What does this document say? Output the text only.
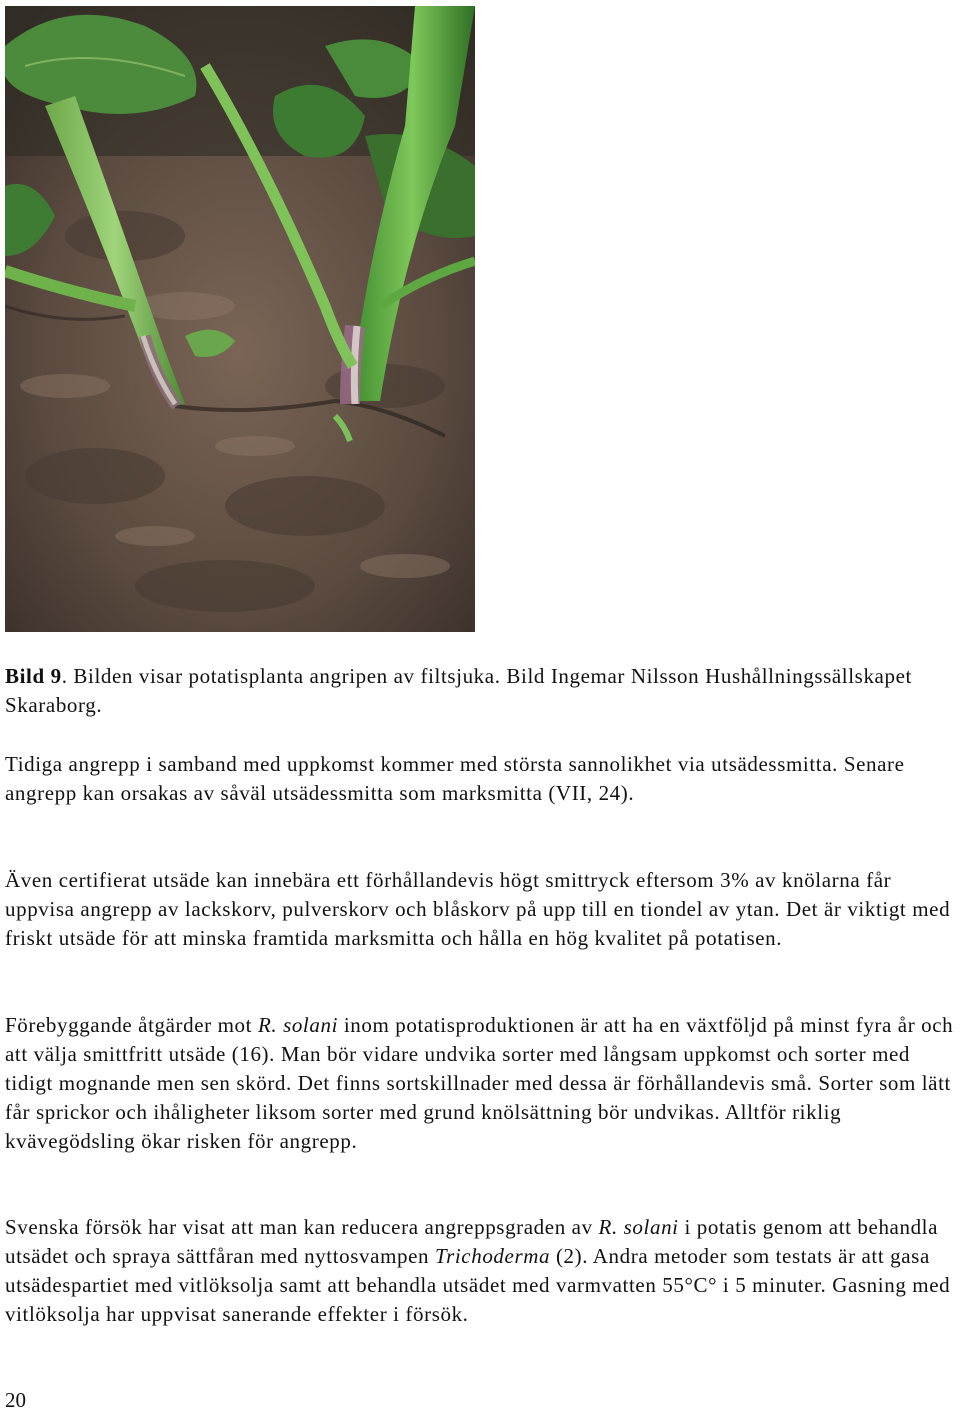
Bild 9. Bilden visar potatisplanta angripen av filtsjuka. Bild Ingemar Nilsson Hushållningssällskapet Skaraborg.

Tidiga angrepp i samband med uppkomst kommer med största sannolikhet via utsädessmitta. Senare angrepp kan orsakas av såväl utsädessmitta som marksmitta (VII, 24).

Även certifierat utsäde kan innebära ett förhållandevis högt smittryck eftersom 3% av knölarna får uppvisa angrepp av lackskorv, pulverskorv och blåskorv på upp till en tiondel av ytan. Det är viktigt med friskt utsäde för att minska framtida marksmitta och hålla en hög kvalitet på potatisen.

Förebyggande åtgärder mot R. solani inom potatisproduktionen är att ha en växtföljd på minst fyra år och att välja smittfritt utsäde (16). Man bör vidare undvika sorter med långsam uppkomst och sorter med tidigt mognande men sen skörd. Det finns sortskillnader med dessa är förhållandevis små. Sorter som lätt får sprickor och ihåligheter liksom sorter med grund knölsättning bör undvikas. Alltför riklig kvävegödsling ökar risken för angrepp.

Svenska försök har visat att man kan reducera angreppsgraden av R. solani i potatis genom att behandla utsädet och spraya sättfåran med nyttosvampen Trichoderma (2). Andra metoder som testats är att gasa utsädespartiet med vitlöksolja samt att behandla utsädet med varmvatten 55°C° i 5 minuter. Gasning med vitlöksolja har uppvisat sanerande effekter i försök.

20
